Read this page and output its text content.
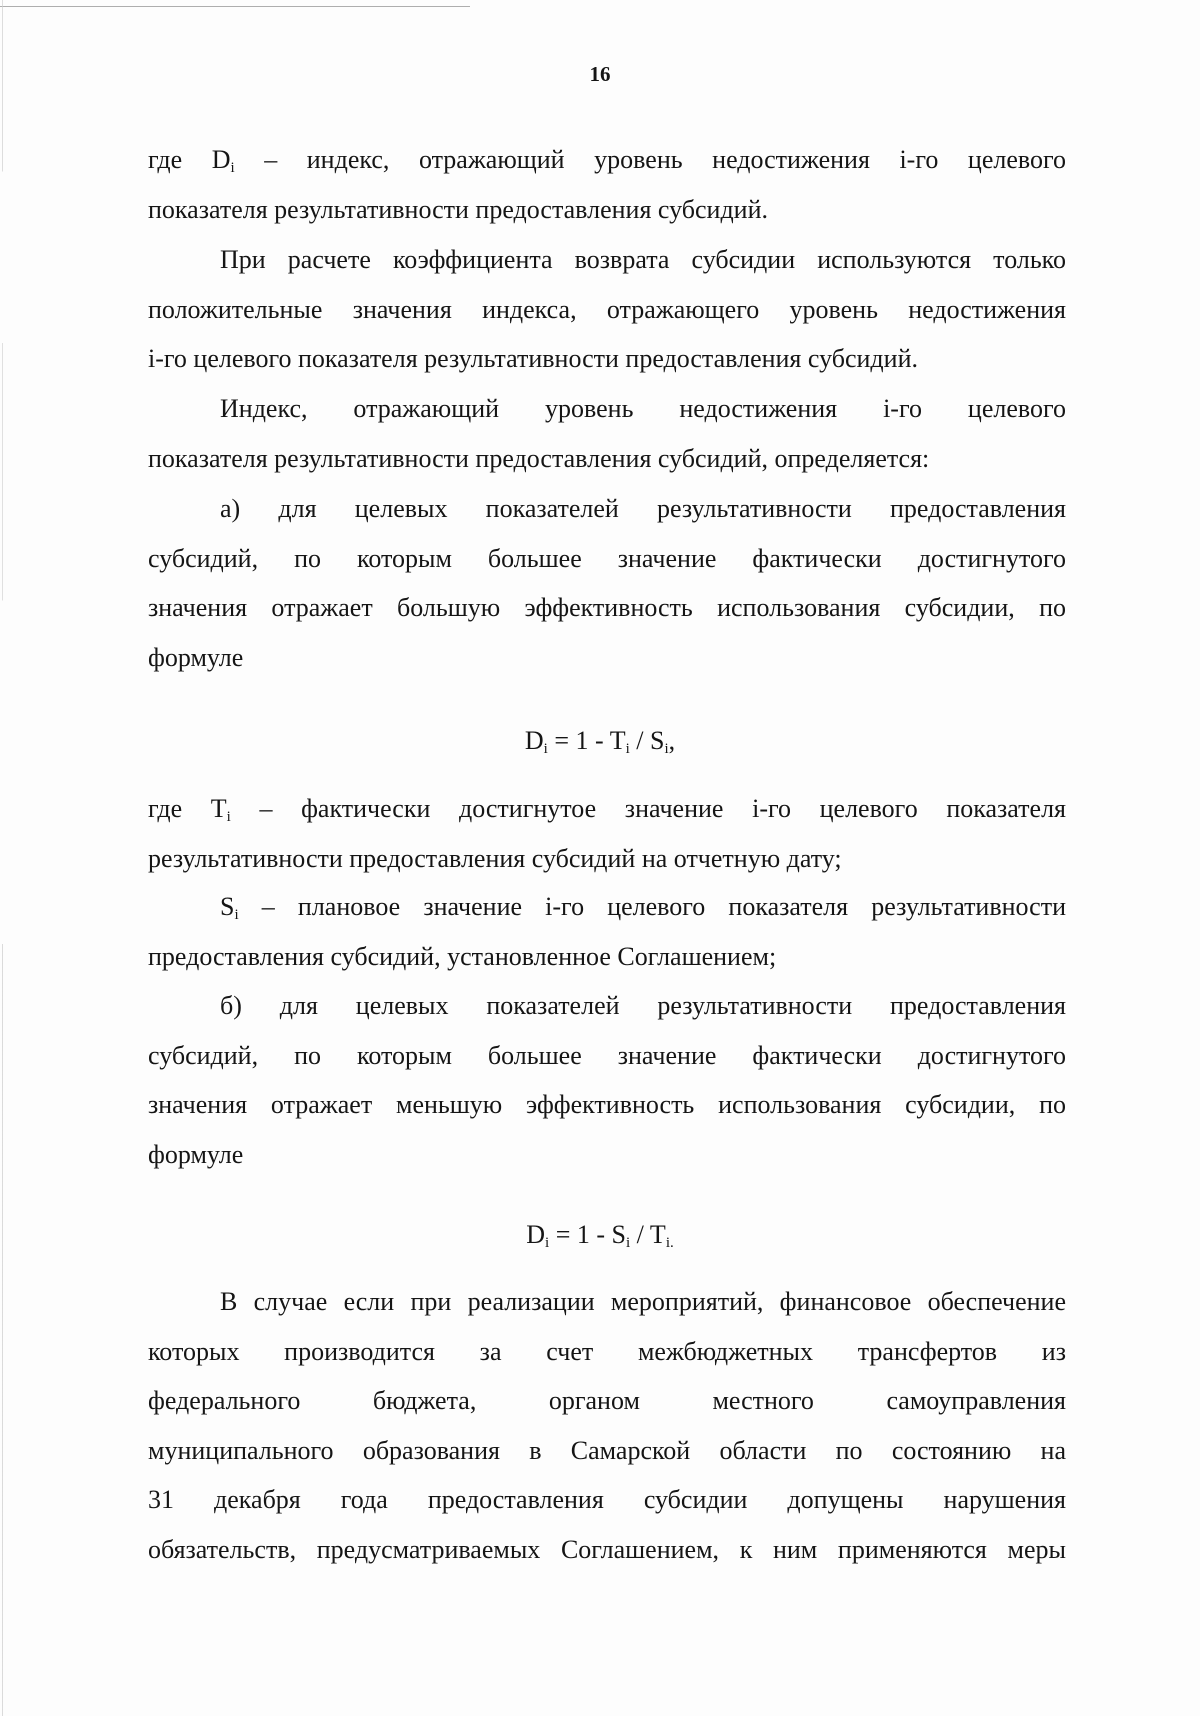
16

где $D_i$ – индекс, отражающий уровень недостижения i-го целевого
показателя результативности предоставления субсидий.

При расчете коэффициента возврата субсидии используются только
положительные значения индекса, отражающего уровень недостижения
i-го целевого показателя результативности предоставления субсидий.

Индекс, отражающий уровень недостижения i-го целевого
показателя результативности предоставления субсидий, определяется:

а) для целевых показателей результативности предоставления
субсидий, по которым большее значение фактически достигнутого
значения отражает большую эффективность использования субсидии, по
формуле

$D_i = 1 - T_i / S_i$,

где $T_i$ – фактически достигнутое значение i-го целевого показателя
результативности предоставления субсидий на отчетную дату;

$S_i$ – плановое значение i-го целевого показателя результативности
предоставления субсидий, установленное Соглашением;

б) для целевых показателей результативности предоставления
субсидий, по которым большее значение фактически достигнутого
значения отражает меньшую эффективность использования субсидии, по
формуле

$D_i = 1 - S_i / T_{i.}$

В случае если при реализации мероприятий, финансовое обеспечение
которых производится за счет межбюджетных трансфертов из
федерального бюджета, органом местного самоуправления
муниципального образования в Самарской области по состоянию на
31 декабря года предоставления субсидии допущены нарушения
обязательств, предусматриваемых Соглашением, к ним применяются меры
